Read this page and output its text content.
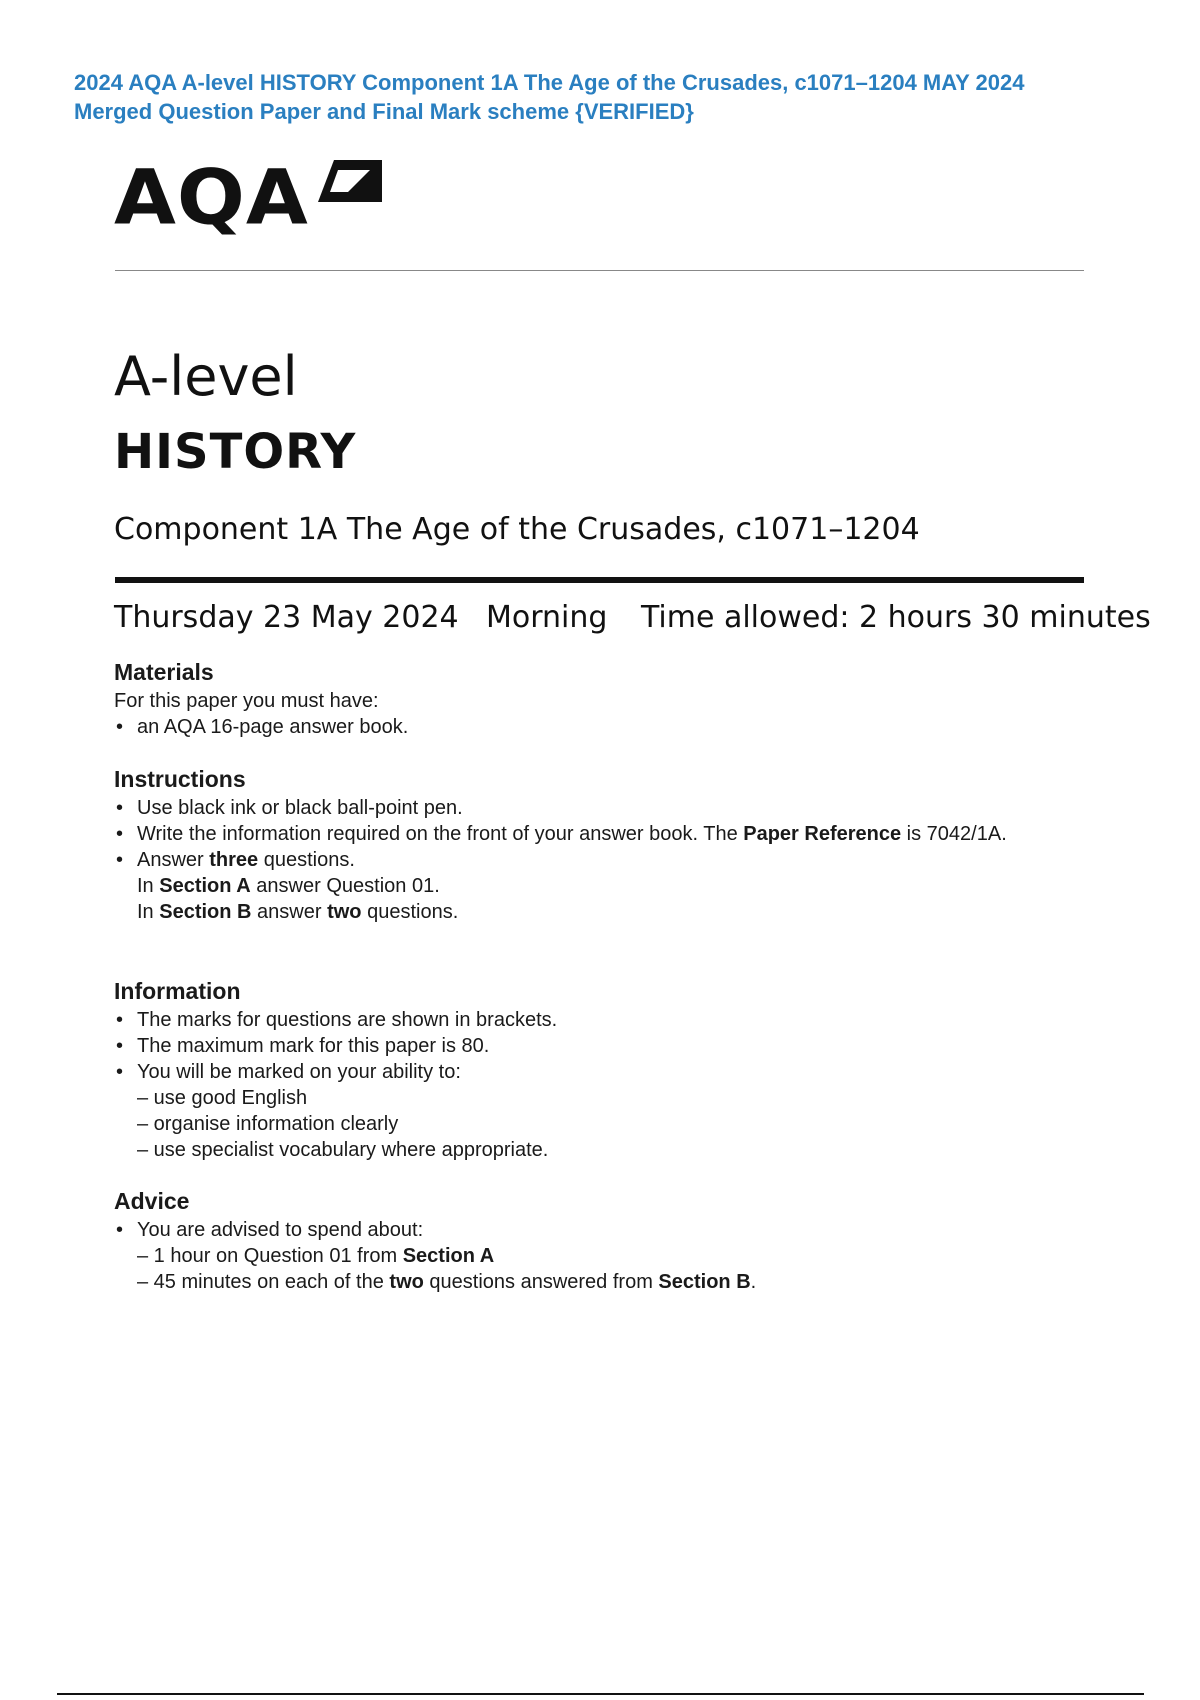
2024 AQA A-level HISTORY Component 1A The Age of the Crusades, c1071–1204 MAY 2024
Merged Question Paper and Final Mark scheme {VERIFIED}
AQA
A-level
HISTORY
Component 1A The Age of the Crusades, c1071–1204
Thursday 23 May 2024 Morning Time allowed: 2 hours 30 minutes
Materials

For this paper you must have:

• an AQA 16-page answer book.
Instructions
• Use black ink or black ball-point pen.
• Write the information required on the front of your answer book. The Paper Reference is 7042/1A.
• Answer three questions.
In Section A answer Question 01.
In Section B answer two questions.
Information
• The marks for questions are shown in brackets.
• The maximum mark for this paper is 80.
• You will be marked on your ability to:
– use good English
– organise information clearly
– use specialist vocabulary where appropriate.
Advice
• You are advised to spend about:
– 1 hour on Question 01 from Section A
– 45 minutes on each of the two questions answered from Section B.
